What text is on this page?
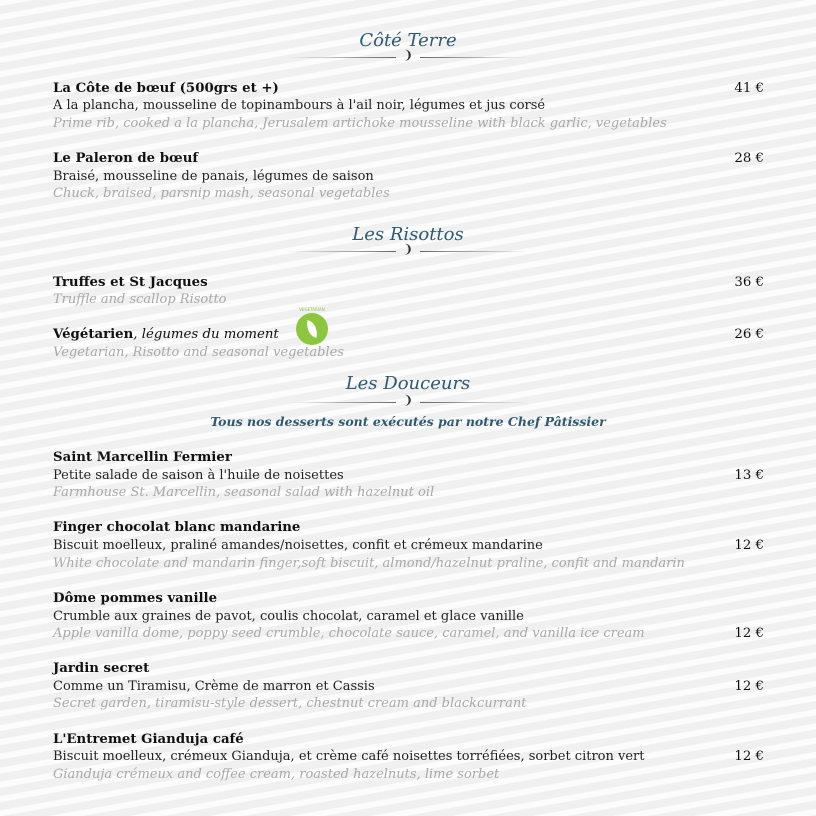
Côté Terre
❩
La Côte de bœuf (500grs et +)
A la plancha, mousseline de topinambours à l'ail noir, légumes et jus corsé
Prime rib, cooked a la plancha, Jerusalem artichoke mousseline with black garlic, vegetables
41 €
Le Paleron de bœuf
Braisé, mousseline de panais, légumes de saison
Chuck, braised, parsnip mash, seasonal vegetables
28 €
Les Risottos
❩
Truffes et St Jacques
Truffle and scallop Risotto
36 €
Végétarien, légumes du moment
VEGETARIAN
Vegetarian, Risotto and seasonal vegetables
26 €
Les Douceurs
❩
Tous nos desserts sont exécutés par notre Chef Pâtissier
Saint Marcellin Fermier
Petite salade de saison à l'huile de noisettes
Farmhouse St. Marcellin, seasonal salad with hazelnut oil
13 €
Finger chocolat blanc mandarine
Biscuit moelleux, praliné amandes/noisettes, confit et crémeux mandarine
White chocolate and mandarin finger,soft biscuit, almond/hazelnut praline, confit and mandarin
12 €
Dôme pommes vanille
Crumble aux graines de pavot, coulis chocolat, caramel et glace vanille
Apple vanilla dome, poppy seed crumble, chocolate sauce, caramel, and vanilla ice cream	12 €
Jardin secret
Comme un Tiramisu, Crème de marron et Cassis
Secret garden, tiramisu-style dessert, chestnut cream and blackcurrant
12 €
L'Entremet Gianduja café
Biscuit moelleux, crémeux Gianduja, et crème café noisettes torréfiées, sorbet citron vert
Gianduja crémeux and coffee cream, roasted hazelnuts, lime sorbet
12 €
